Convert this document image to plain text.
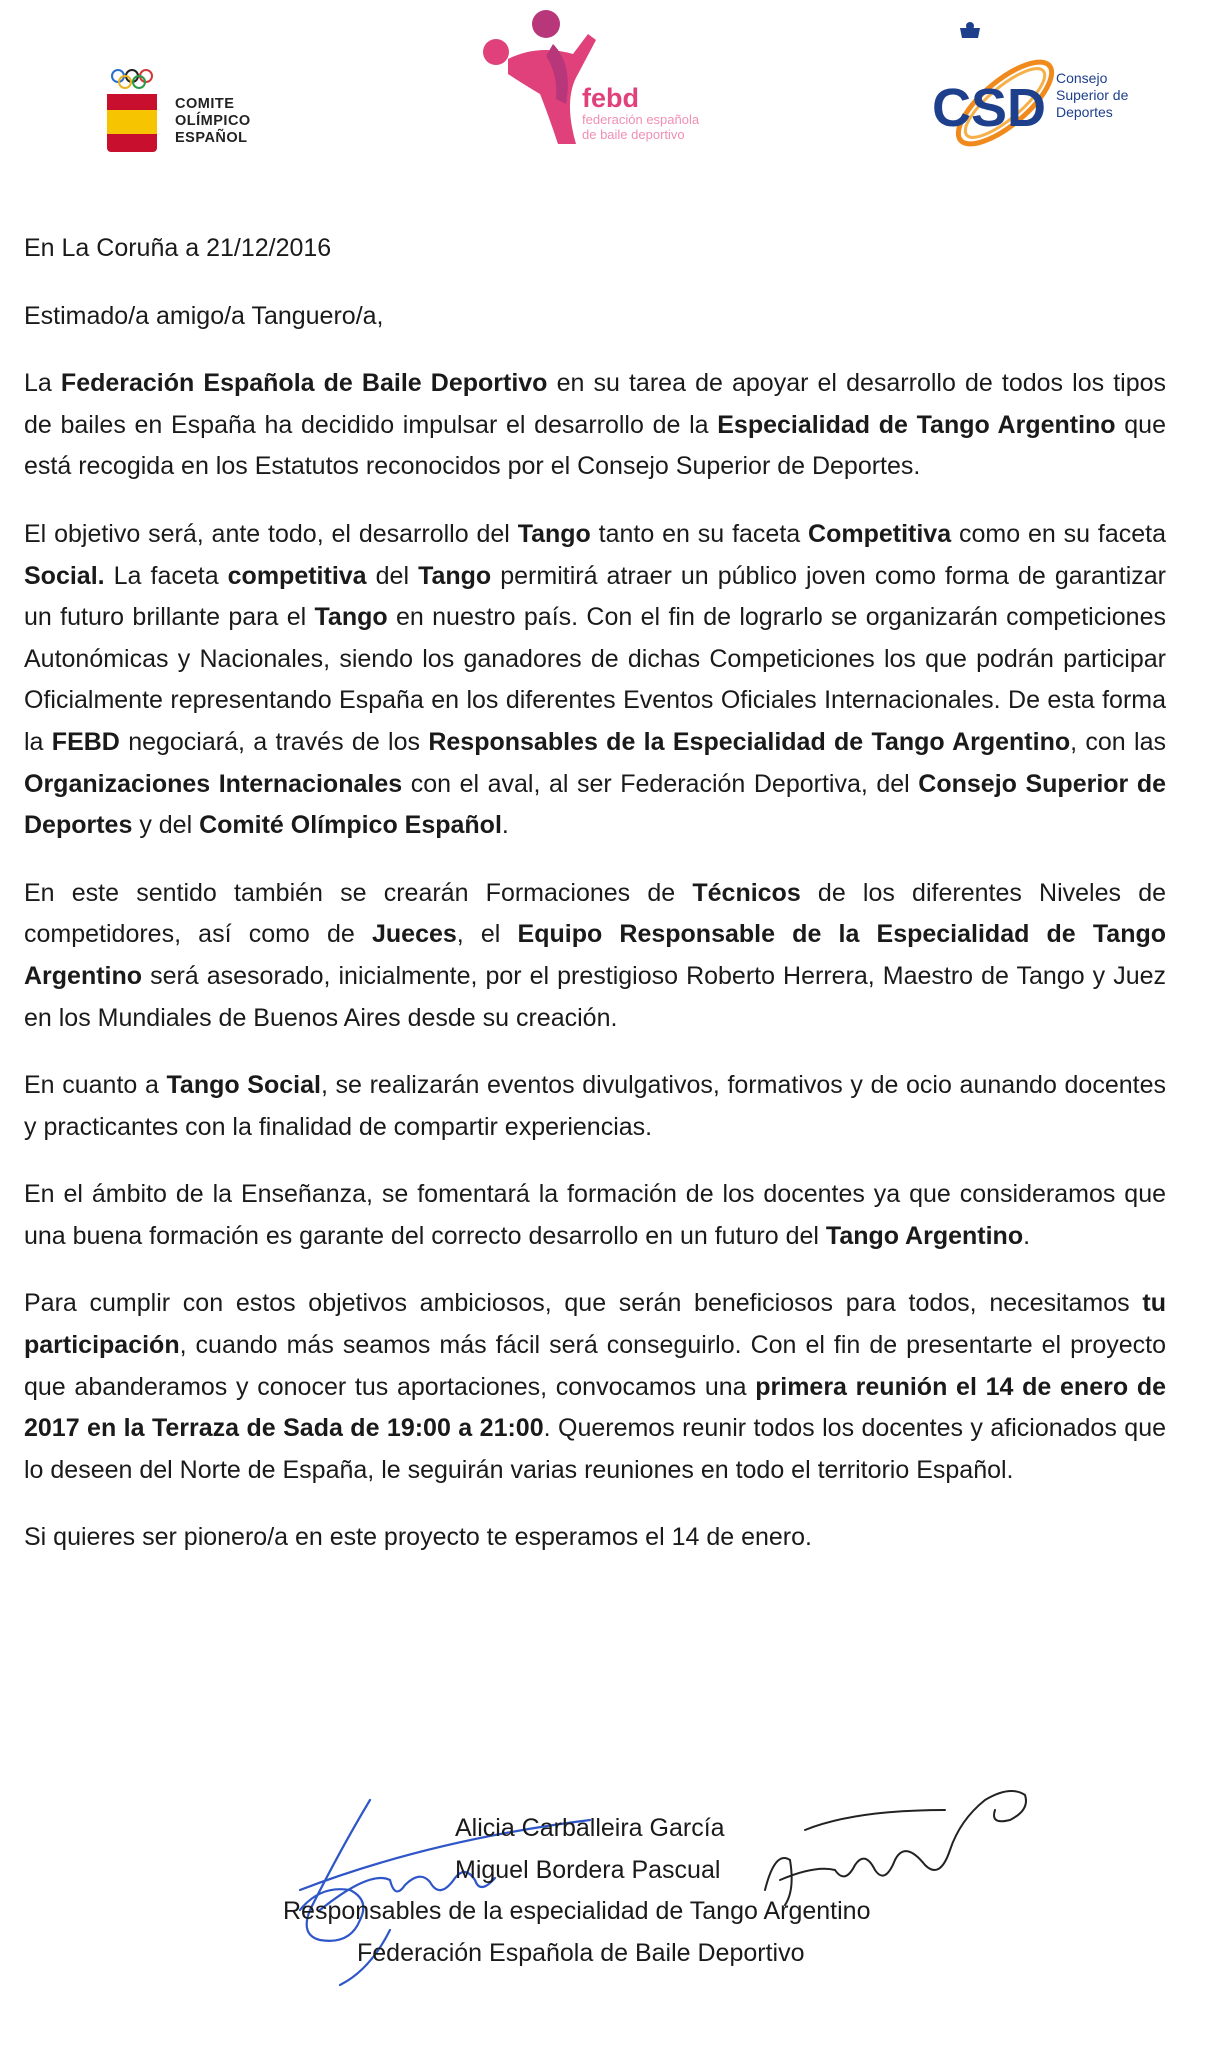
COMITE
OLÍMPICO
ESPAÑOL
febd
federación española
de baile deportivo	CSD Consejo
Superior de
Deportes

En La Coruña a 21/12/2016

Estimado/a amigo/a Tanguero/a,

La Federación Española de Baile Deportivo en su tarea de apoyar el desarrollo de todos los tipos de bailes en España ha decidido impulsar el desarrollo de la Especialidad de Tango Argentino que está recogida en los Estatutos reconocidos por el Consejo Superior de Deportes.

El objetivo será, ante todo, el desarrollo del Tango tanto en su faceta Competitiva como en su faceta Social. La faceta competitiva del Tango permitirá atraer un público joven como forma de garantizar un futuro brillante para el Tango en nuestro país. Con el fin de lograrlo se organizarán competiciones Autonómicas y Nacionales, siendo los ganadores de dichas Competiciones los que podrán participar Oficialmente representando España en los diferentes Eventos Oficiales Internacionales. De esta forma la FEBD negociará, a través de los Responsables de la Especialidad de Tango Argentino, con las Organizaciones Internacionales con el aval, al ser Federación Deportiva, del Consejo Superior de Deportes y del Comité Olímpico Español.

En este sentido también se crearán Formaciones de Técnicos de los diferentes Niveles de competidores, así como de Jueces, el Equipo Responsable de la Especialidad de Tango Argentino será asesorado, inicialmente, por el prestigioso Roberto Herrera, Maestro de Tango y Juez en los Mundiales de Buenos Aires desde su creación.

En cuanto a Tango Social, se realizarán eventos divulgativos, formativos y de ocio aunando docentes y practicantes con la finalidad de compartir experiencias.

En el ámbito de la Enseñanza, se fomentará la formación de los docentes ya que consideramos que una buena formación es garante del correcto desarrollo en un futuro del Tango Argentino.

Para cumplir con estos objetivos ambiciosos, que serán beneficiosos para todos, necesitamos tu participación, cuando más seamos más fácil será conseguirlo. Con el fin de presentarte el proyecto que abanderamos y conocer tus aportaciones, convocamos una primera reunión el 14 de enero de 2017 en la Terraza de Sada de 19:00 a 21:00. Queremos reunir todos los docentes y aficionados que lo deseen del Norte de España, le seguirán varias reuniones en todo el territorio Español.

Si quieres ser pionero/a en este proyecto te esperamos el 14 de enero.

Alicia Carballeira García
Miguel Bordera Pascual
Responsables de la especialidad de Tango Argentino
Federación Española de Baile Deportivo
